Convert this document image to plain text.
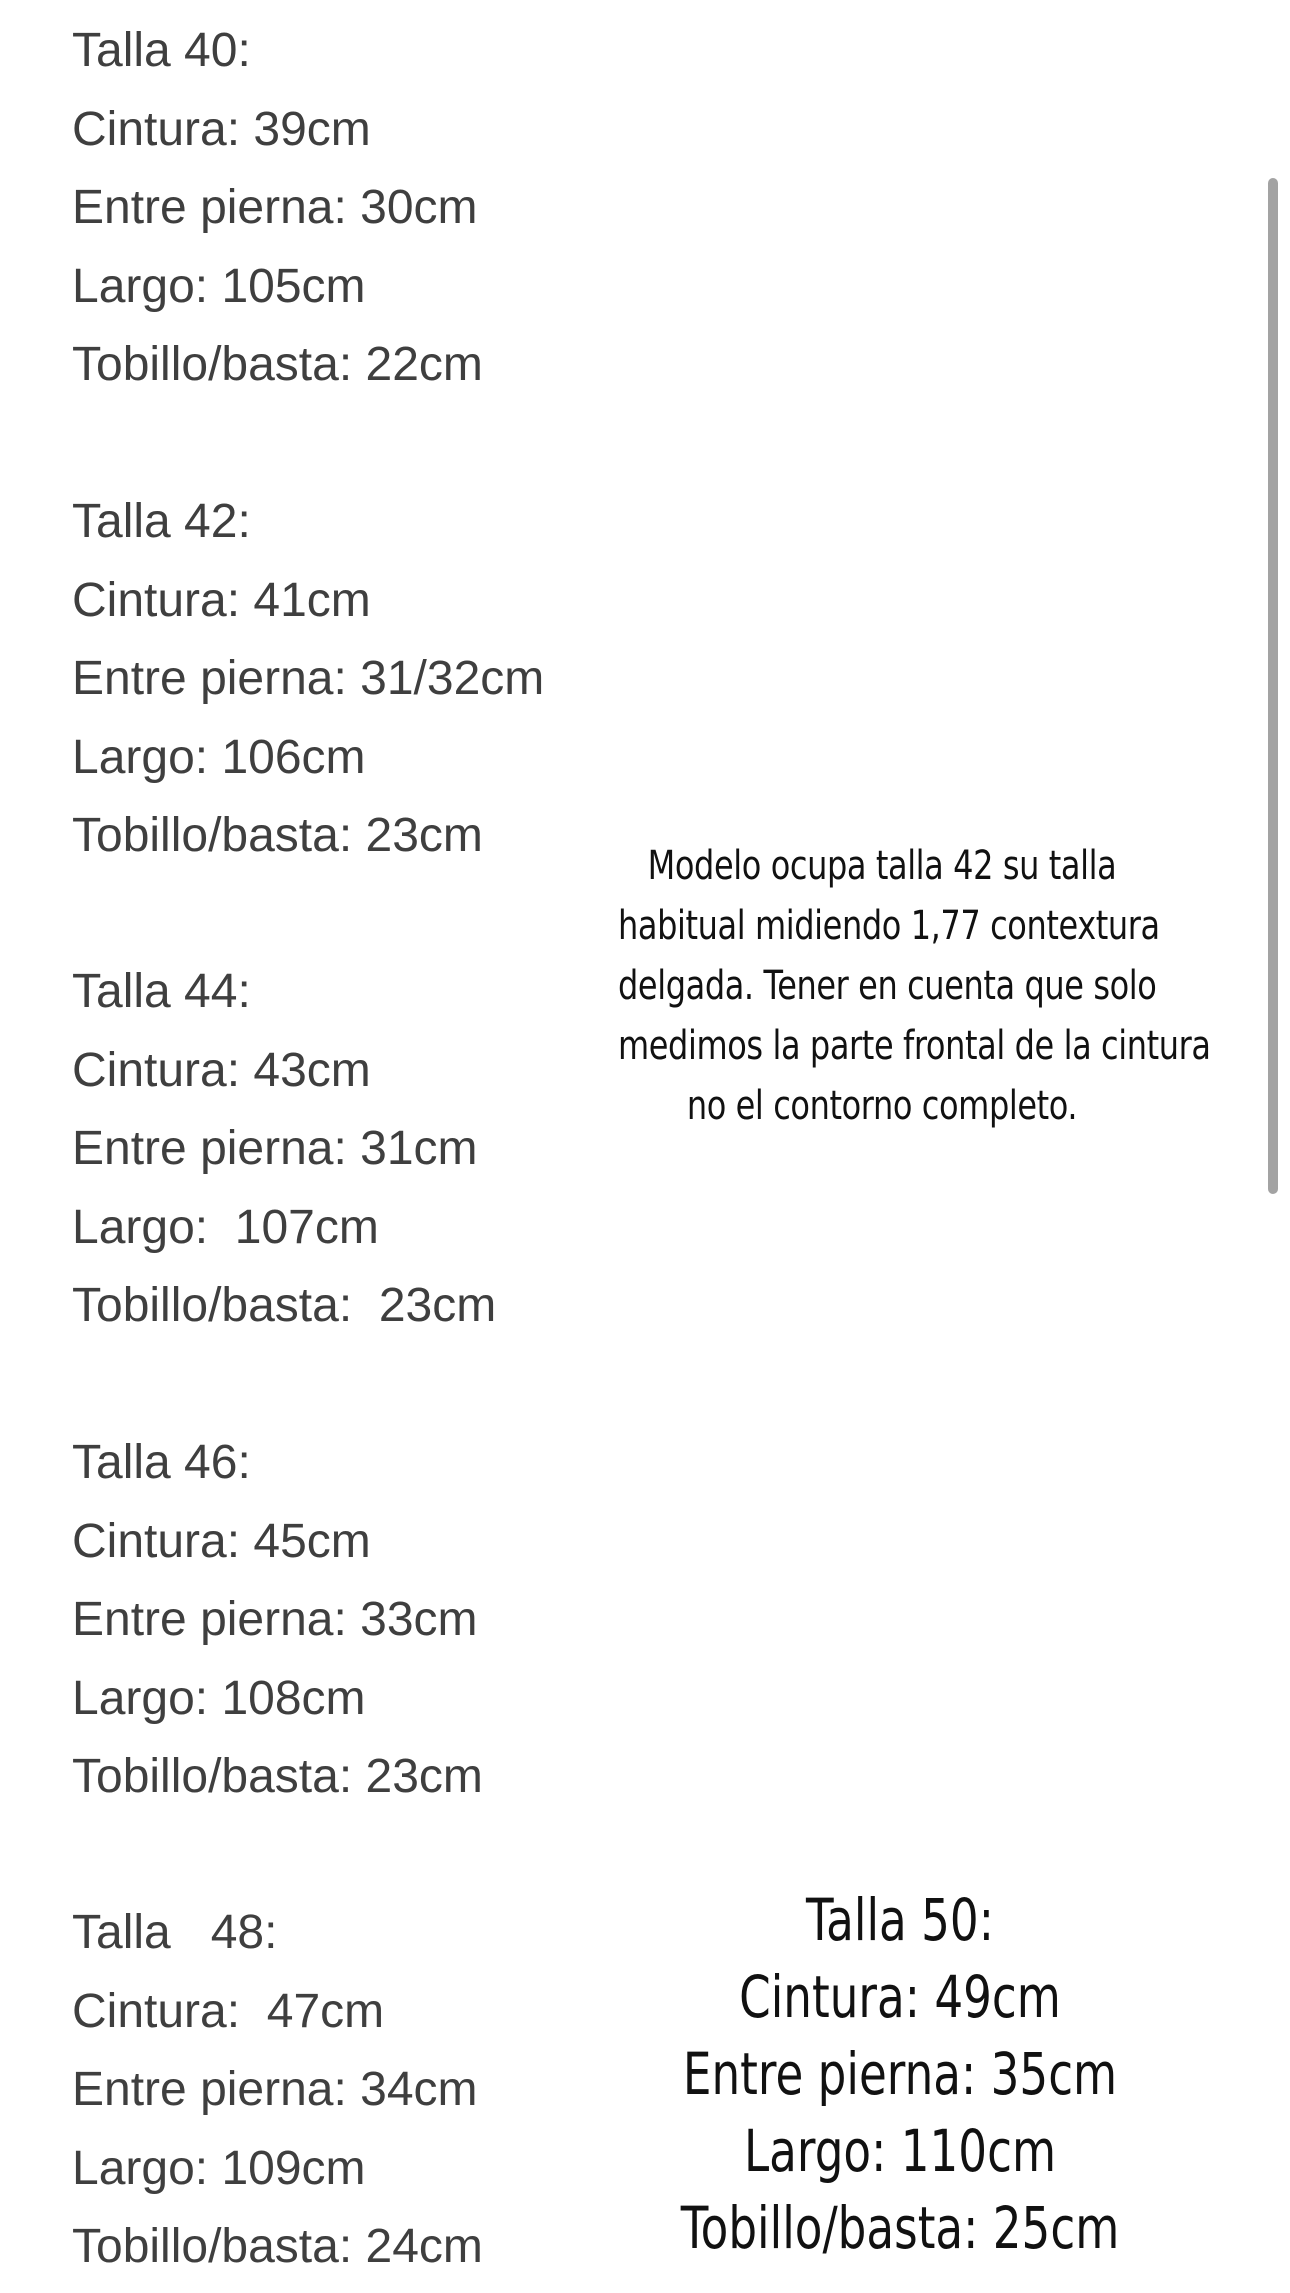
Talla 40:
Cintura: 39cm
Entre pierna: 30cm
Largo: 105cm
Tobillo/basta: 22cm
Talla 42:
Cintura: 41cm
Entre pierna: 31/32cm
Largo: 106cm
Tobillo/basta: 23cm
Talla 44:
Cintura: 43cm
Entre pierna: 31cm
Largo:  107cm
Tobillo/basta:  23cm
Talla 46:
Cintura: 45cm
Entre pierna: 33cm
Largo: 108cm
Tobillo/basta: 23cm
Talla   48:
Cintura:  47cm
Entre pierna: 34cm
Largo: 109cm
Tobillo/basta: 24cm
Modelo ocupa talla 42 su talla
habitual midiendo 1,77 contextura
delgada. Tener en cuenta que solo
medimos la parte frontal de la cintura
no el contorno completo.
Talla 50:
Cintura: 49cm
Entre pierna: 35cm
Largo: 110cm
Tobillo/basta: 25cm
